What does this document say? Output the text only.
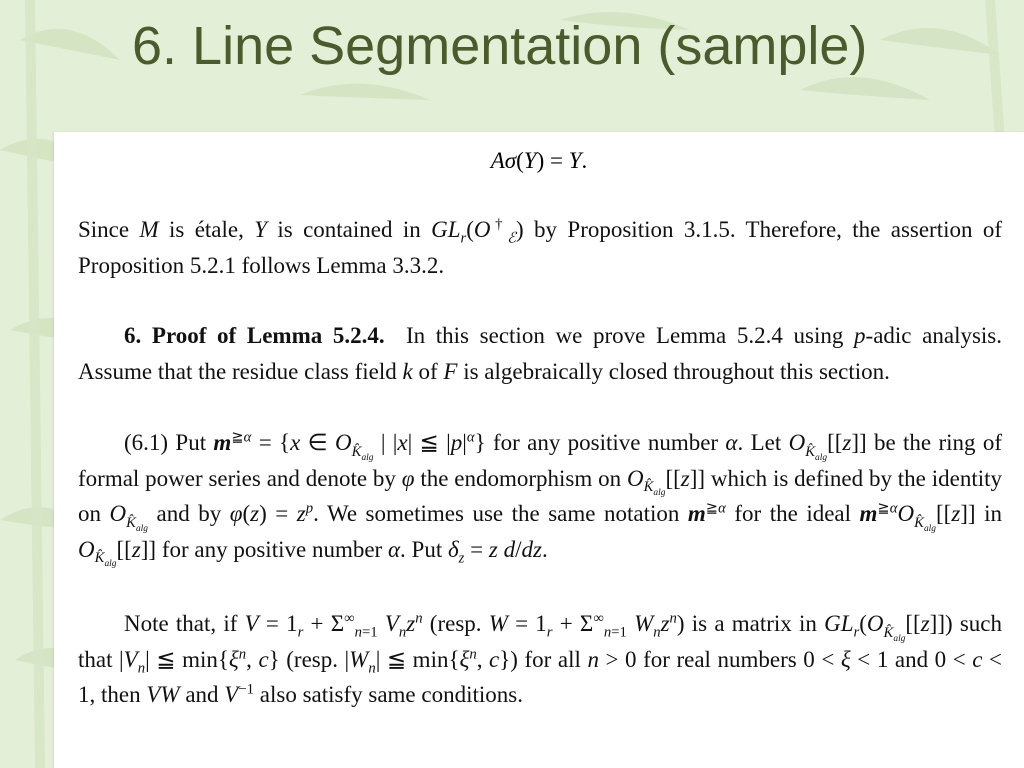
6. Line Segmentation (sample)

Aσ(Y) = Y.

Since M is étale, Y is contained in $GL_r(O^\dagger_ℰ)$ by Proposition 3.1.5. Therefore, the assertion of Proposition 5.2.1 follows Lemma 3.3.2.

6. Proof of Lemma 5.2.4.  In this section we prove Lemma 5.2.4 using p-adic analysis. Assume that the residue class field k of F is algebraically closed throughout this section.

(6.1) Put $m^{≧\alpha} = \{x$ ∈ $O_{K̂_{alg}}$ | |x| ≦ $|p|^\alpha$} for any positive number α. Let $O_{K̂_{alg}}[[z]]$ be the ring of formal power series and denote by φ the endomorphism on $O_{K̂_{alg}}[[z]]$ which is defined by the identity on $O_{K̂_{alg}}$ and by $\varphi(z) = z^p$. We sometimes use the same notation $m^{≧\alpha}$ for the ideal $m^{≧\alpha}O_{K̂_{alg}}[[z]]$ in $O_{K̂_{alg}}[[z]]$ for any positive number α. Put $\delta_z = z$ d/dz.

Note that, if $V = 1_r + \Sigma^\infty_{n=1}$ $V_nz^n$ (resp. $W = 1_r + \Sigma^\infty_{n=1}$ $W_nz^n$) is a matrix in $GL_r(O_{K̂_{alg}}[[z]])$ such that $|V_n|$ ≦ $\min\{\xi^n$, c} (resp. $|W_n|$ ≦ $\min\{\xi^n$, c}) for all n > 0 for real numbers 0 < ξ < 1 and 0 < c < 1, then VW and $V^{-1}$ also satisfy same conditions.
